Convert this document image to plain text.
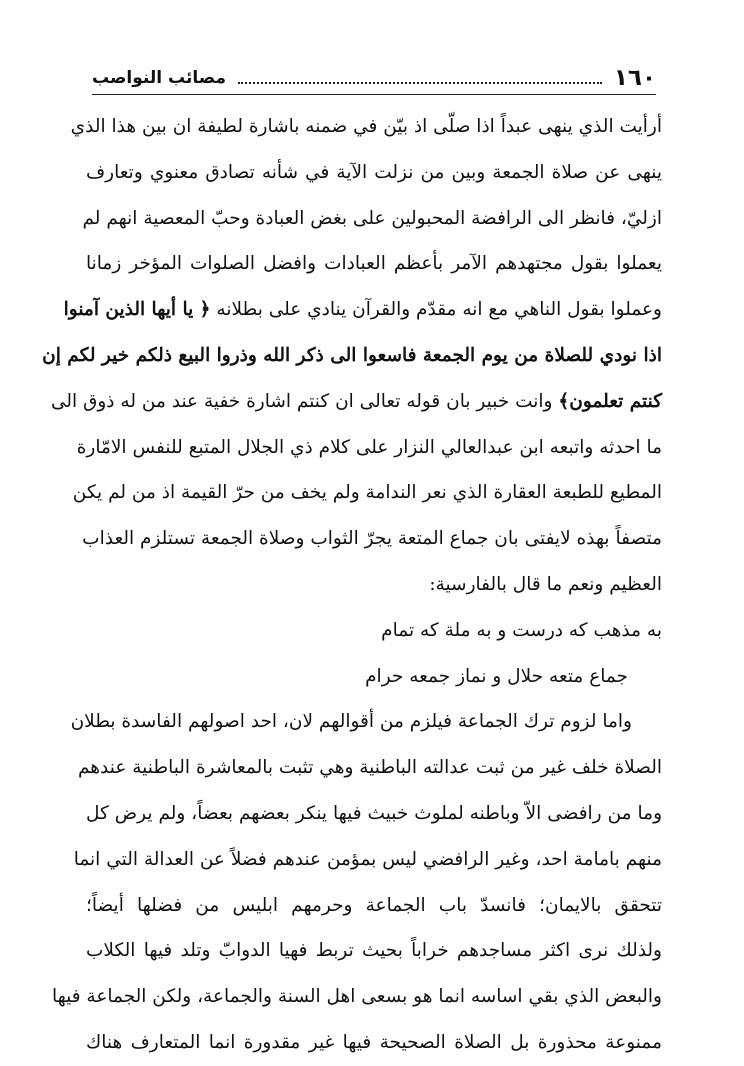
١٦٠
مصائب النواصب
أرأيت الذي ينهى عبداً اذا صلّى اذ بيّن في ضمنه باشارة لطيفة ان بين هذا الذي
ينهى عن صلاة الجمعة وبين من نزلت الآية في شأنه تصادق معنوي وتعارف
ازليّ، فانظر الى الرافضة المحبولين على بغض العبادة وحبّ المعصية انهم لم
يعملوا بقول مجتهدهم الآمر بأعظم العبادات وافضل الصلوات المؤخر زمانا
وعملوا بقول الناهي مع انه مقدّم والقرآن ينادي على بطلانه ﴿ يا أيها الذين آمنوا
اذا نودي للصلاة من يوم الجمعة فاسعوا الى ذكر الله وذروا البيع ذلكم خير لكم إن
كنتم تعلمون﴾ وانت خبير بان قوله تعالى ان كنتم اشارة خفية عند من له ذوق الى
ما احدثه واتبعه ابن عبدالعالي النزار على كلام ذي الجلال المتبع للنفس الامّارة
المطيع للطبعة العقارة الذي نعر الندامة ولم يخف من حرّ القيمة اذ من لم يكن
متصفاً بهذه لايفتى بان جماع المتعة يجرّ الثواب وصلاة الجمعة تستلزم العذاب
العظيم ونعم ما قال بالفارسية:
به مذهب كه درست و به ملة كه تمام
جماع متعه حلال و نماز جمعه حرام
واما لزوم ترك الجماعة فيلزم من أقوالهم لان، احد اصولهم الفاسدة بطلان
الصلاة خلف غير من ثبت عدالته الباطنية وهي تثبت بالمعاشرة الباطنية عندهم
وما من رافضى الاّ وباطنه لملوث خبيث فيها ينكر بعضهم بعضاً، ولم يرض كل
منهم بامامة احد، وغير الرافضي ليس بمؤمن عندهم فضلاً عن العدالة التي انما
تتحقق بالايمان؛ فانسدّ باب الجماعة وحرمهم ابليس من فضلها أيضاً؛
ولذلك نرى اكثر مساجدهم خراباً بحيث تربط فهيا الدوابّ وتلد فيها الكلاب
والبعض الذي بقي اساسه انما هو بسعى اهل السنة والجماعة، ولكن الجماعة فيها
ممنوعة محذورة بل الصلاة الصحيحة فيها غير مقدورة انما المتعارف هناك
